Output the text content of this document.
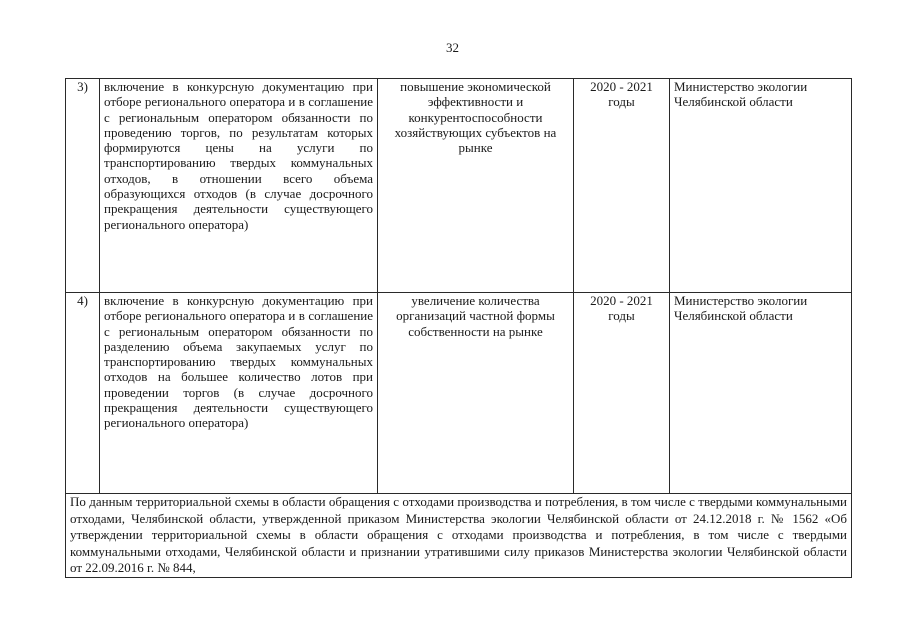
32
3)	включение в конкурсную документацию при отборе регионального оператора и в соглашение с региональным оператором обязанности по проведению торгов, по результатам которых формируются цены на услуги по транспортированию твердых коммунальных отходов, в отношении всего объема образующихся отходов (в случае досрочного прекращения деятельности существующего регионального оператора)	повышение экономической эффективности и конкурентоспособности хозяйствующих субъектов на рынке	2020 - 2021 годы	Министерство экологии Челябинской области
4)	включение в конкурсную документацию при отборе регионального оператора и в соглашение с региональным оператором обязанности по разделению объема закупаемых услуг по транспортированию твердых коммунальных отходов на большее количество лотов при проведении торгов (в случае досрочного прекращения деятельности существующего регионального оператора)	увеличение количества организаций частной формы собственности на рынке	2020 - 2021 годы	Министерство экологии Челябинской области
По данным территориальной схемы в области обращения с отходами производства и потребления, в том числе с твердыми коммунальными отходами, Челябинской области, утвержденной приказом Министерства экологии Челябинской области от 24.12.2018 г. № 1562 «Об утверждении территориальной схемы в области обращения с отходами производства и потребления, в том числе с твердыми коммунальными отходами, Челябинской области и признании утратившими силу приказов Министерства экологии Челябинской области от 22.09.2016 г. № 844,				
